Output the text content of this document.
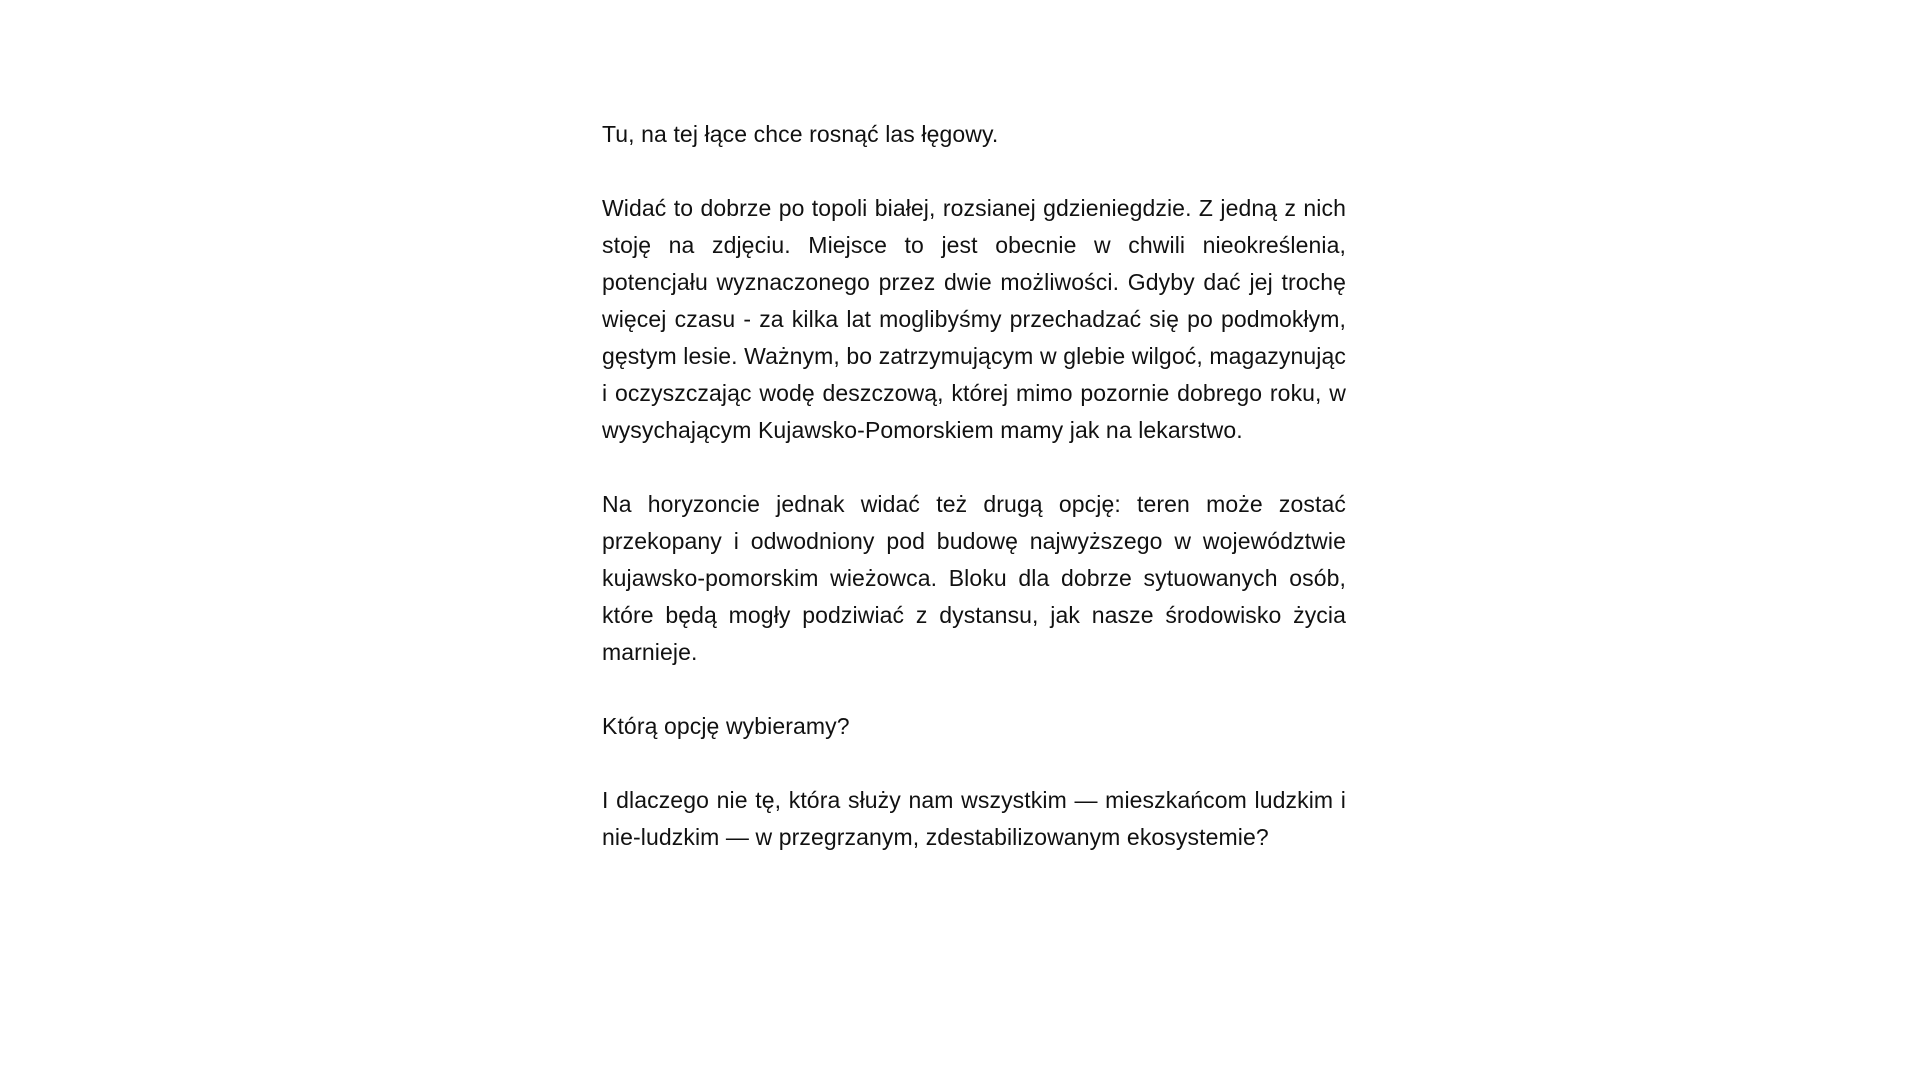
Tu, na tej łące chce rosnąć las łęgowy.

Widać to dobrze po topoli białej, rozsianej gdzieniegdzie. Z jedną z nich stoję na zdjęciu. Miejsce to jest obecnie w chwili nieokreślenia, potencjału wyznaczonego przez dwie możliwości. Gdyby dać jej trochę więcej czasu - za kilka lat moglibyśmy przechadzać się po podmokłym, gęstym lesie. Ważnym, bo zatrzymującym w glebie wilgoć, magazynując i oczyszczając wodę deszczową, której mimo pozornie dobrego roku, w wysychającym Kujawsko-Pomorskiem mamy jak na lekarstwo.

Na horyzoncie jednak widać też drugą opcję: teren może zostać przekopany i odwodniony pod budowę najwyższego w województwie kujawsko-pomorskim wieżowca. Bloku dla dobrze sytuowanych osób, które będą mogły podziwiać z dystansu, jak nasze środowisko życia marnieje.

Którą opcję wybieramy?

I dlaczego nie tę, która służy nam wszystkim — mieszkańcom ludzkim i nie-ludzkim — w przegrzanym, zdestabilizowanym ekosystemie?
